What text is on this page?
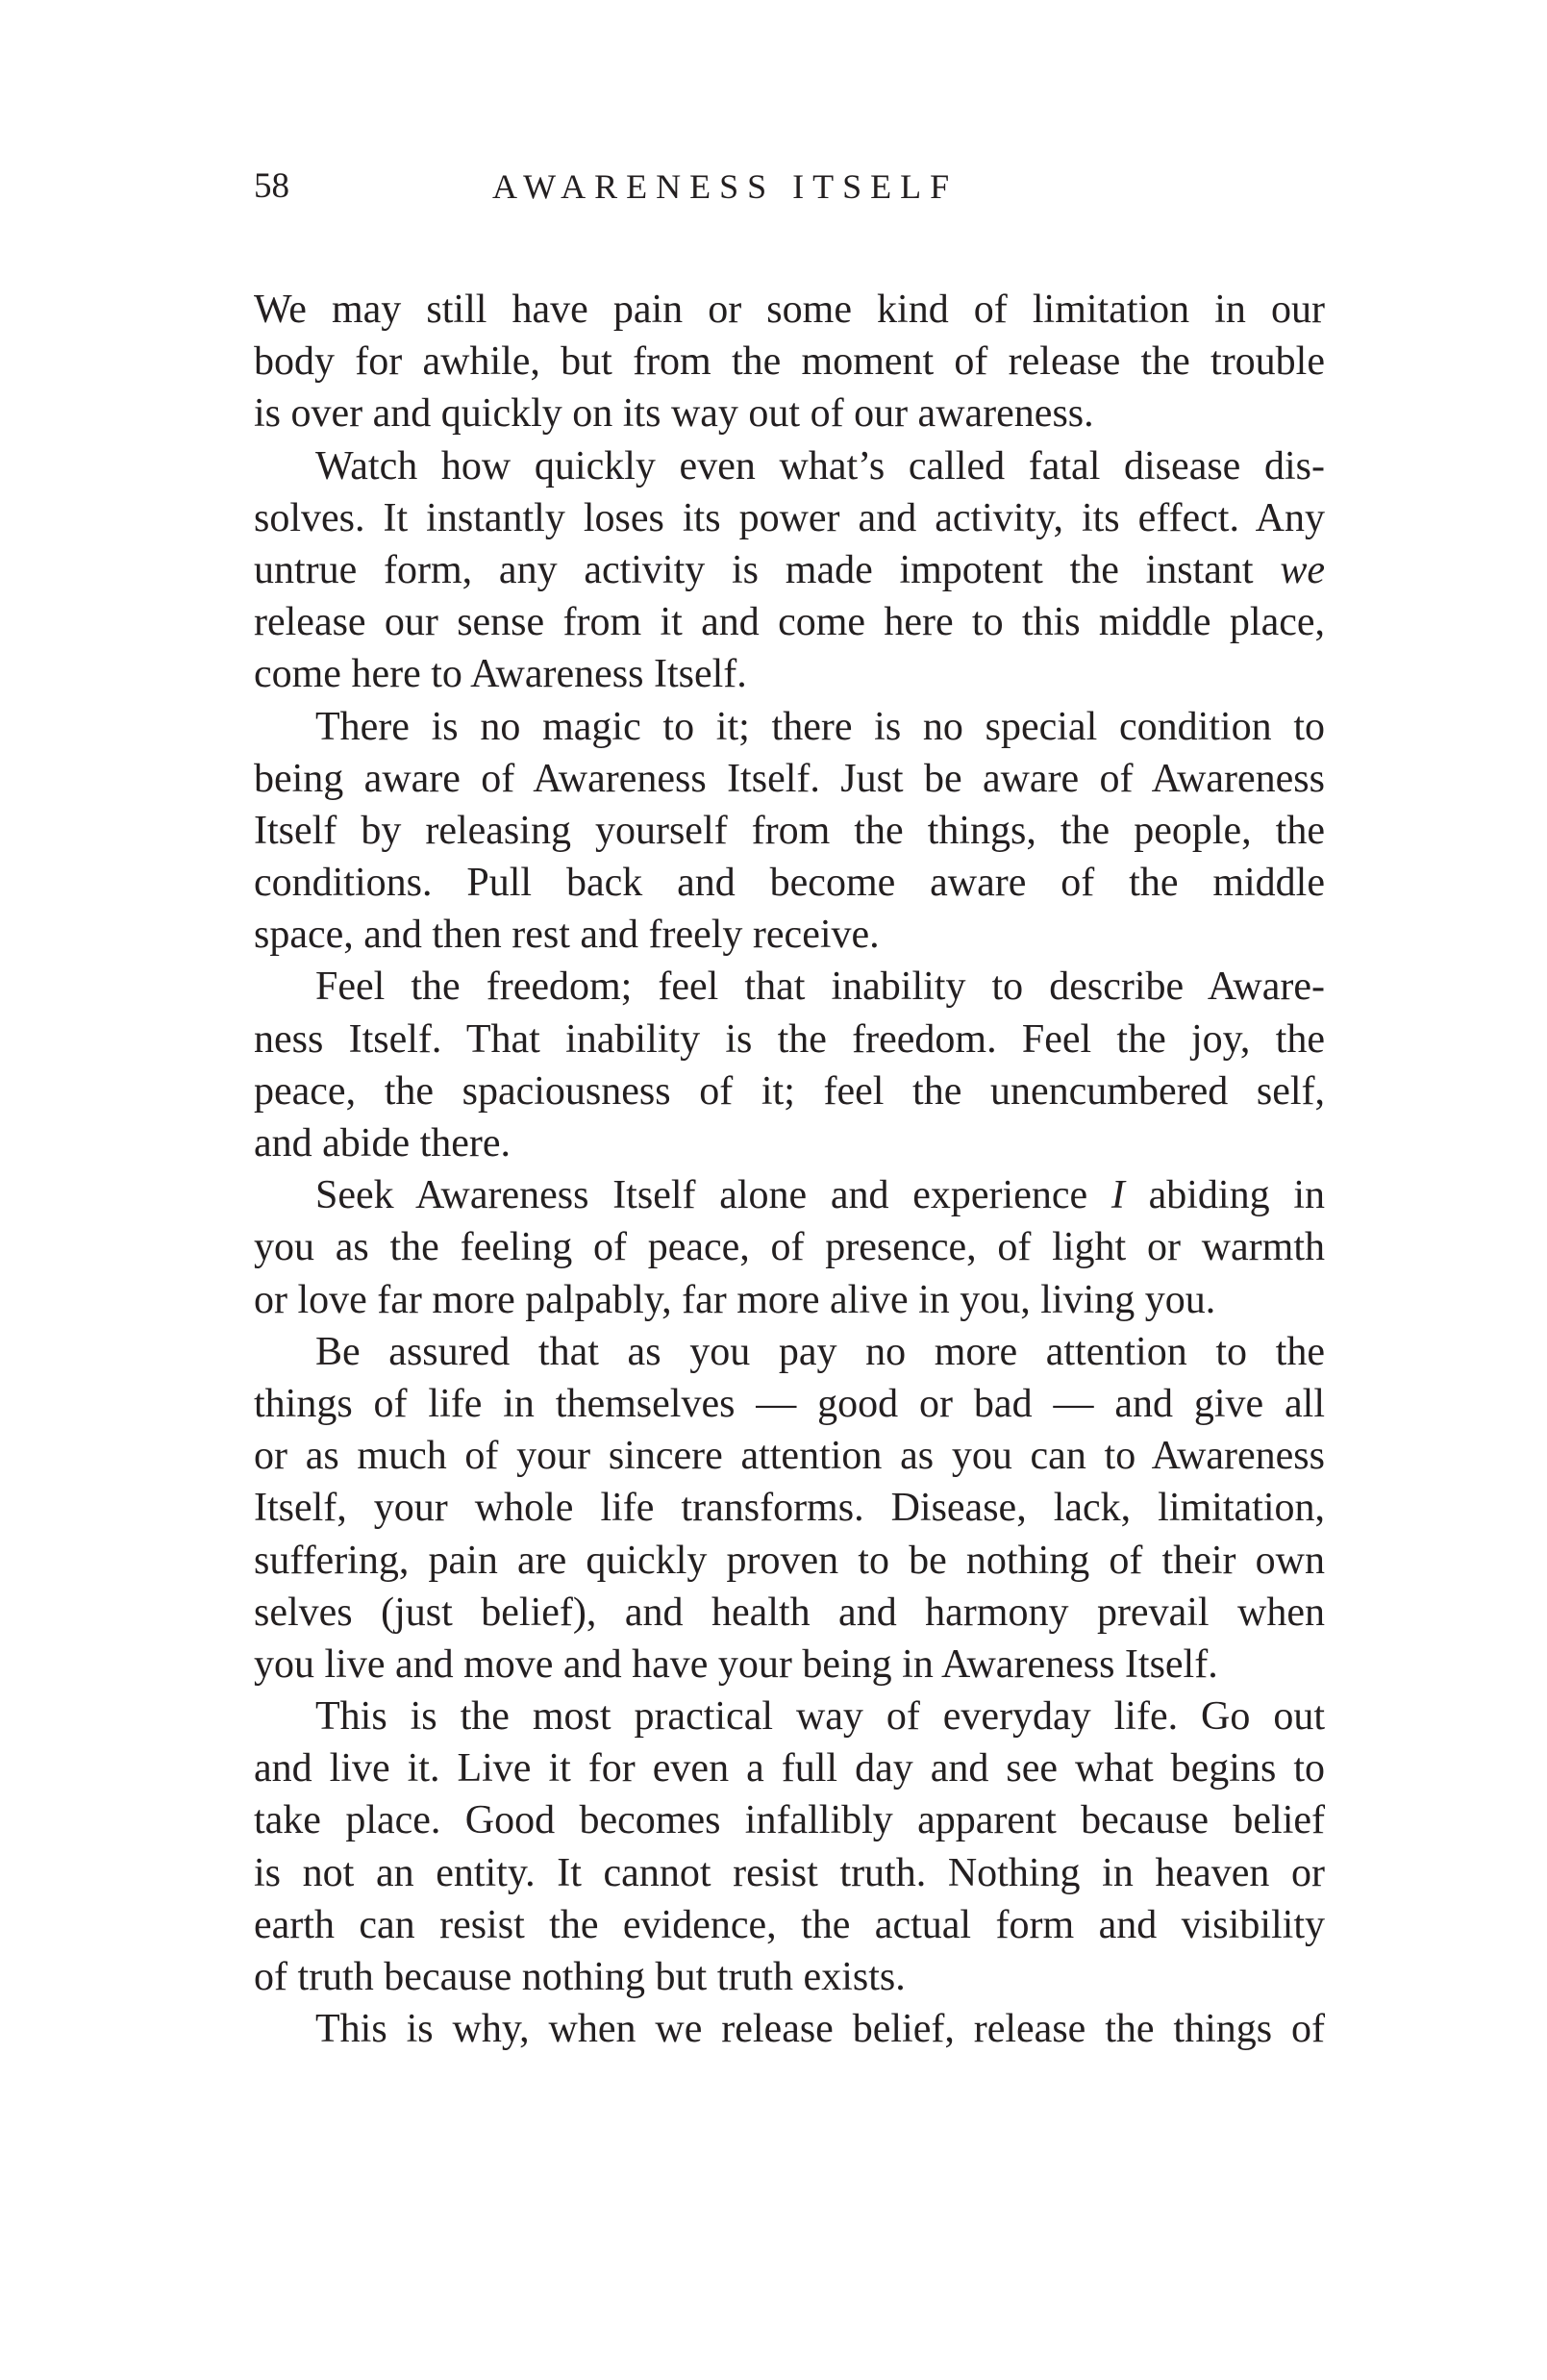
58	AWARENESS ITSELF
We may still have pain or some kind of limitation in our
body for awhile, but from the moment of release the trouble
is over and quickly on its way out of our awareness.
Watch how quickly even what’s called fatal disease dis-
solves. It instantly loses its power and activity, its effect. Any
untrue form, any activity is made impotent the instant we
release our sense from it and come here to this middle place,
come here to Awareness Itself.
There is no magic to it; there is no special condition to
being aware of Awareness Itself. Just be aware of Awareness
Itself by releasing yourself from the things, the people, the
conditions. Pull back and become aware of the middle
space, and then rest and freely receive.
Feel the freedom; feel that inability to describe Aware-
ness Itself. That inability is the freedom. Feel the joy, the
peace, the spaciousness of it; feel the unencumbered self,
and abide there.
Seek Awareness Itself alone and experience I abiding in
you as the feeling of peace, of presence, of light or warmth
or love far more palpably, far more alive in you, living you.
Be assured that as you pay no more attention to the
things of life in themselves — good or bad — and give all
or as much of your sincere attention as you can to Awareness
Itself, your whole life transforms. Disease, lack, limitation,
suffering, pain are quickly proven to be nothing of their own
selves (just belief), and health and harmony prevail when
you live and move and have your being in Awareness Itself.
This is the most practical way of everyday life. Go out
and live it. Live it for even a full day and see what begins to
take place. Good becomes infallibly apparent because belief
is not an entity. It cannot resist truth. Nothing in heaven or
earth can resist the evidence, the actual form and visibility
of truth because nothing but truth exists.
This is why, when we release belief, release the things of
